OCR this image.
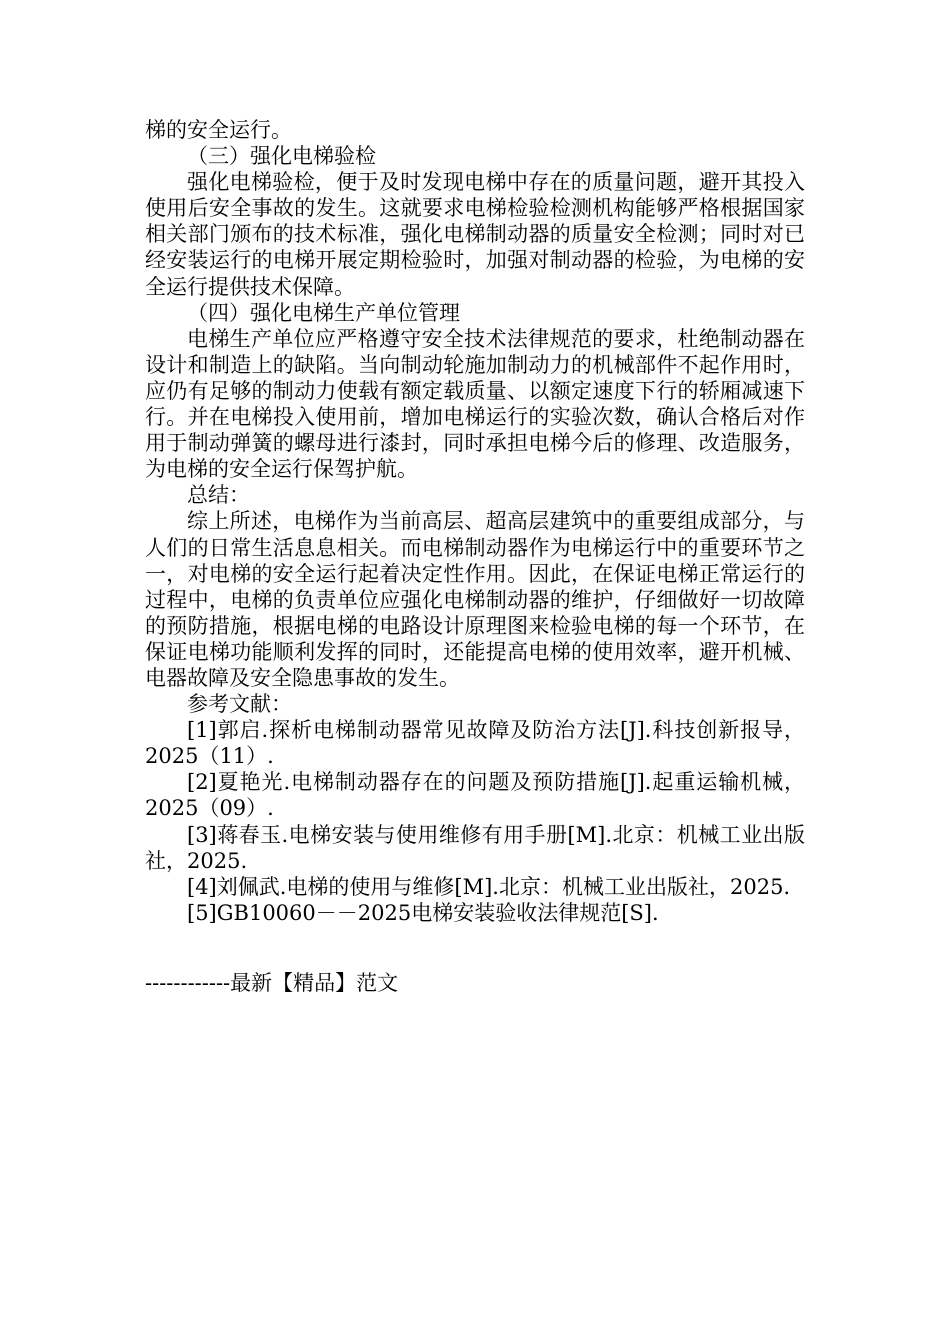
梯的安全运行。

（三）强化电梯验检

强化电梯验检，便于及时发现电梯中存在的质量问题，避开其投入使用后安全事故的发生。这就要求电梯检验检测机构能够严格根据国家相关部门颁布的技术标准，强化电梯制动器的质量安全检测；同时对已经安装运行的电梯开展定期检验时，加强对制动器的检验，为电梯的安全运行提供技术保障。

（四）强化电梯生产单位管理

电梯生产单位应严格遵守安全技术法律规范的要求，杜绝制动器在设计和制造上的缺陷。当向制动轮施加制动力的机械部件不起作用时，应仍有足够的制动力使载有额定载质量、以额定速度下行的轿厢减速下行。并在电梯投入使用前，增加电梯运行的实验次数，确认合格后对作用于制动弹簧的螺母进行漆封，同时承担电梯今后的修理、改造服务，为电梯的安全运行保驾护航。

总结：

综上所述，电梯作为当前高层、超高层建筑中的重要组成部分，与人们的日常生活息息相关。而电梯制动器作为电梯运行中的重要环节之一，对电梯的安全运行起着决定性作用。因此，在保证电梯正常运行的过程中，电梯的负责单位应强化电梯制动器的维护，仔细做好一切故障的预防措施，根据电梯的电路设计原理图来检验电梯的每一个环节，在保证电梯功能顺利发挥的同时，还能提高电梯的使用效率，避开机械、电器故障及安全隐患事故的发生。

参考文献：

[1]郭启.探析电梯制动器常见故障及防治方法[J].科技创新报导，2025（11）.

[2]夏艳光.电梯制动器存在的问题及预防措施[J].起重运输机械，2025（09）.

[3]蒋春玉.电梯安装与使用维修有用手册[M].北京：机械工业出版社，2025.

[4]刘佩武.电梯的使用与维修[M].北京：机械工业出版社，2025.

[5]GB10060－－2025电梯安装验收法律规范[S].

------------最新【精品】范文
